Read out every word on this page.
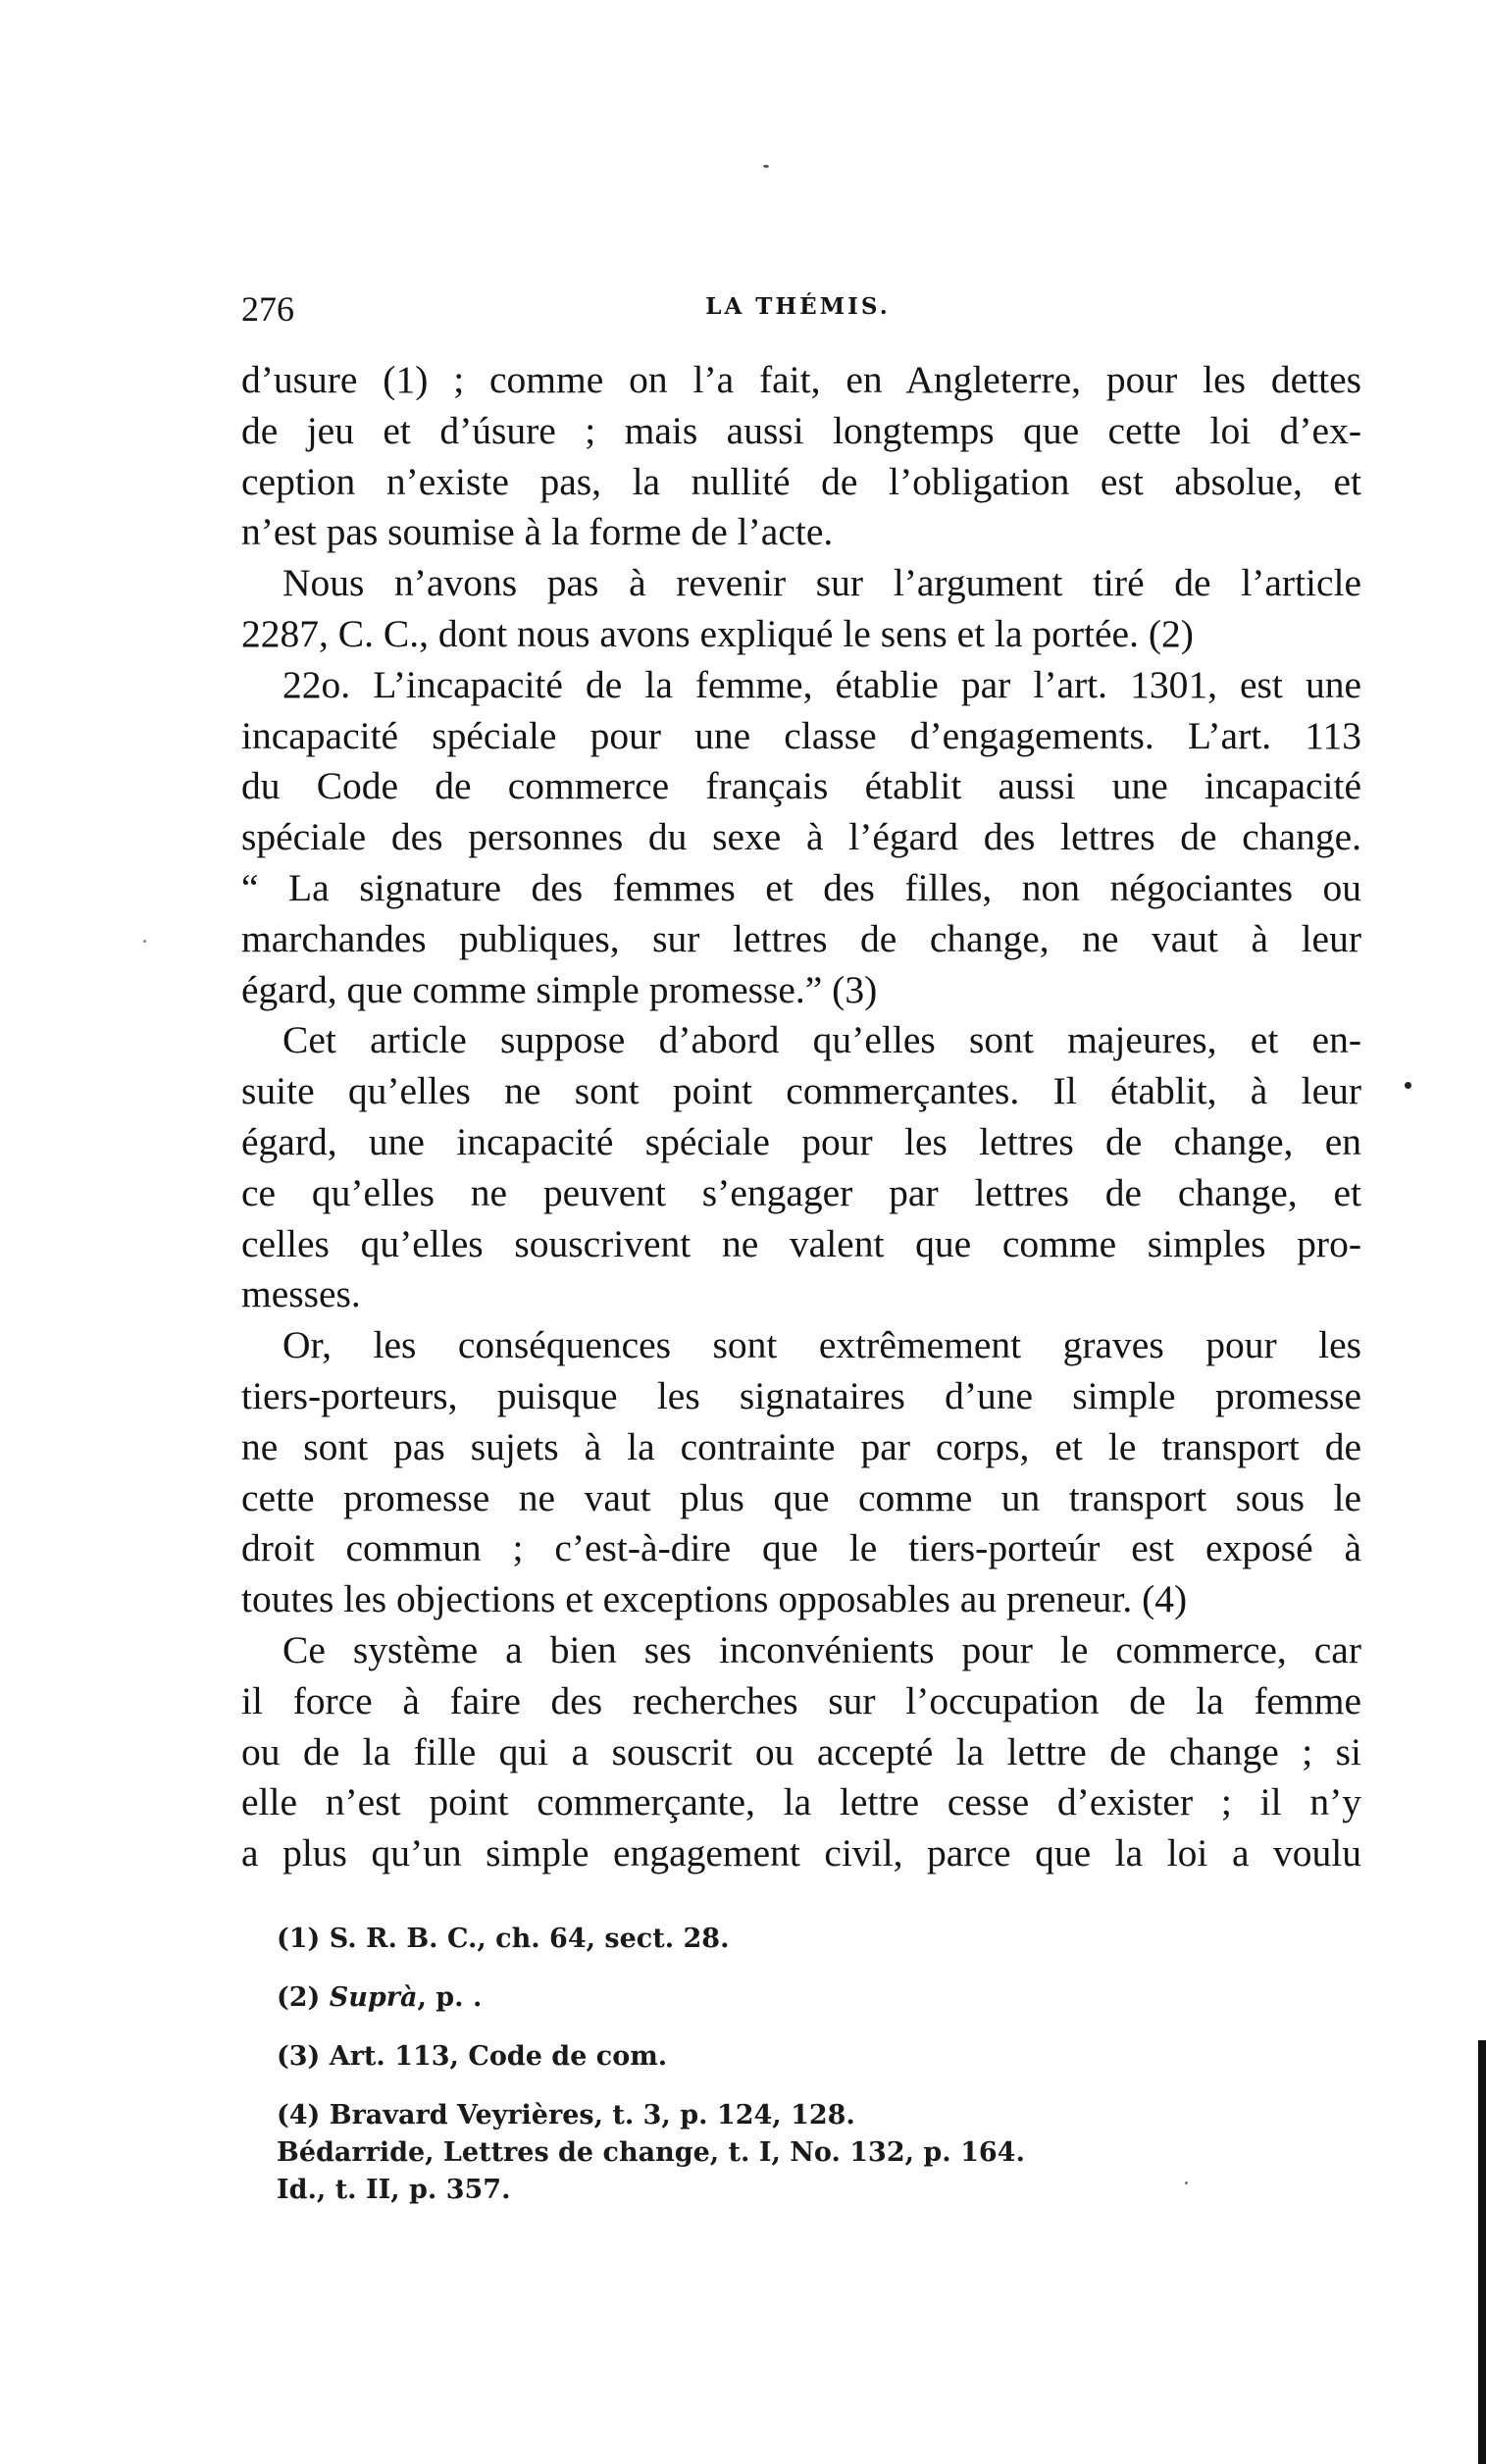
276	LA THÉMIS.
d’usure (1) ; comme on l’a fait, en Angleterre, pour les dettes
de jeu et d’úsure ; mais aussi longtemps que cette loi d’ex-
ception n’existe pas, la nullité de l’obligation est absolue, et
n’est pas soumise à la forme de l’acte.
Nous n’avons pas à revenir sur l’argument tiré de l’article
2287, C. C., dont nous avons expliqué le sens et la portée. (2)
22o. L’incapacité de la femme, établie par l’art. 1301, est une
incapacité spéciale pour une classe d’engagements. L’art. 113
du Code de commerce français établit aussi une incapacité
spéciale des personnes du sexe à l’égard des lettres de change.
“ La signature des femmes et des filles, non négociantes ou
marchandes publiques, sur lettres de change, ne vaut à leur
égard, que comme simple promesse.” (3)
Cet article suppose d’abord qu’elles sont majeures, et en-
suite qu’elles ne sont point commerçantes. Il établit, à leur
égard, une incapacité spéciale pour les lettres de change, en
ce qu’elles ne peuvent s’engager par lettres de change, et
celles qu’elles souscrivent ne valent que comme simples pro-
messes.
Or, les conséquences sont extrêmement graves pour les
tiers-porteurs, puisque les signataires d’une simple promesse
ne sont pas sujets à la contrainte par corps, et le transport de
cette promesse ne vaut plus que comme un transport sous le
droit commun ; c’est-à-dire que le tiers-porteúr est exposé à
toutes les objections et exceptions opposables au preneur. (4)
Ce système a bien ses inconvénients pour le commerce, car
il force à faire des recherches sur l’occupation de la femme
ou de la fille qui a souscrit ou accepté la lettre de change ; si
elle n’est point commerçante, la lettre cesse d’exister ; il n’y
a plus qu’un simple engagement civil, parce que la loi a voulu
(1) S. R. B. C., ch. 64, sect. 28.
(2) Suprà, p. .
(3) Art. 113, Code de com.
(4) Bravard Veyrières, t. 3, p. 124, 128.
Bédarride, Lettres de change, t. I, No. 132, p. 164.
Id., t. II, p. 357.
